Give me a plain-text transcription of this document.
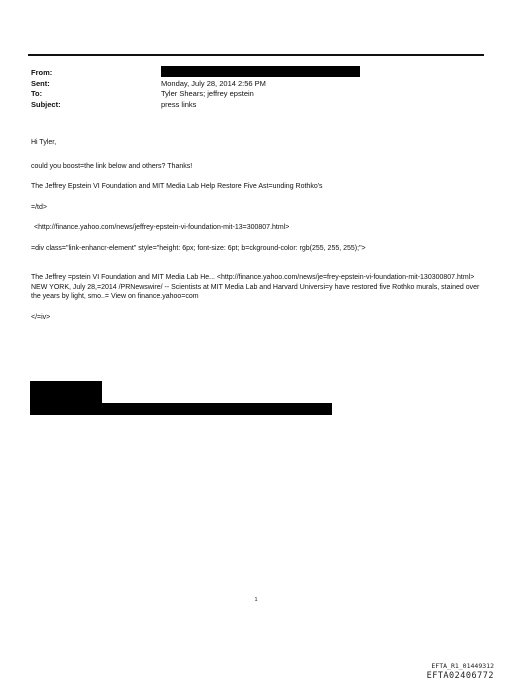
From:
Sent:	Monday, July 28, 2014 2:56 PM
To:	Tyler Shears; jeffrey epstein
Subject:	press links

Hi Tyler,

could you boost=the link below and others? Thanks!

The Jeffrey Epstein VI Foundation and MIT Media Lab Help Restore Five Ast=unding Rothko's

=/td>

<http://finance.yahoo.com/news/jeffrey-epstein-vi-foundation-mit-13=300807.html>

=div class="link-enhancr-element" style="height: 6px; font-size: 6pt; b=ckground-color: rgb(255, 255, 255);">

The Jeffrey =pstein VI Foundation and MIT Media Lab He... <http://finance.yahoo.com/news/je=frey-epstein-vi-foundation-mit-130300807.html>

NEW YORK, July 28,=2014 /PRNewswire/ -- Scientists at MIT Media Lab and Harvard Universi=y have restored five Rothko murals, stained over the years by light, smo..= View on finance.yahoo=com

</=iv>

1
EFTA_R1_01449312
EFTA02406772
